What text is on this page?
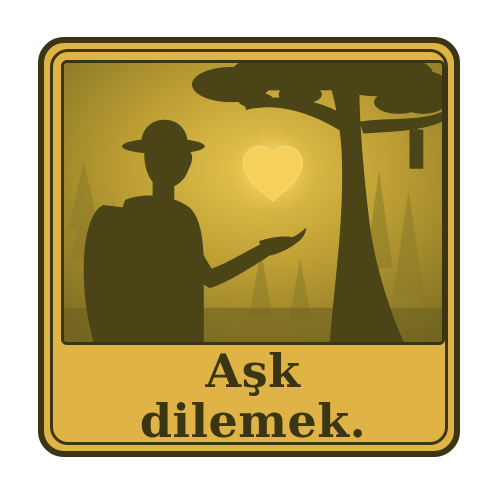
Aşk
dilemek.
